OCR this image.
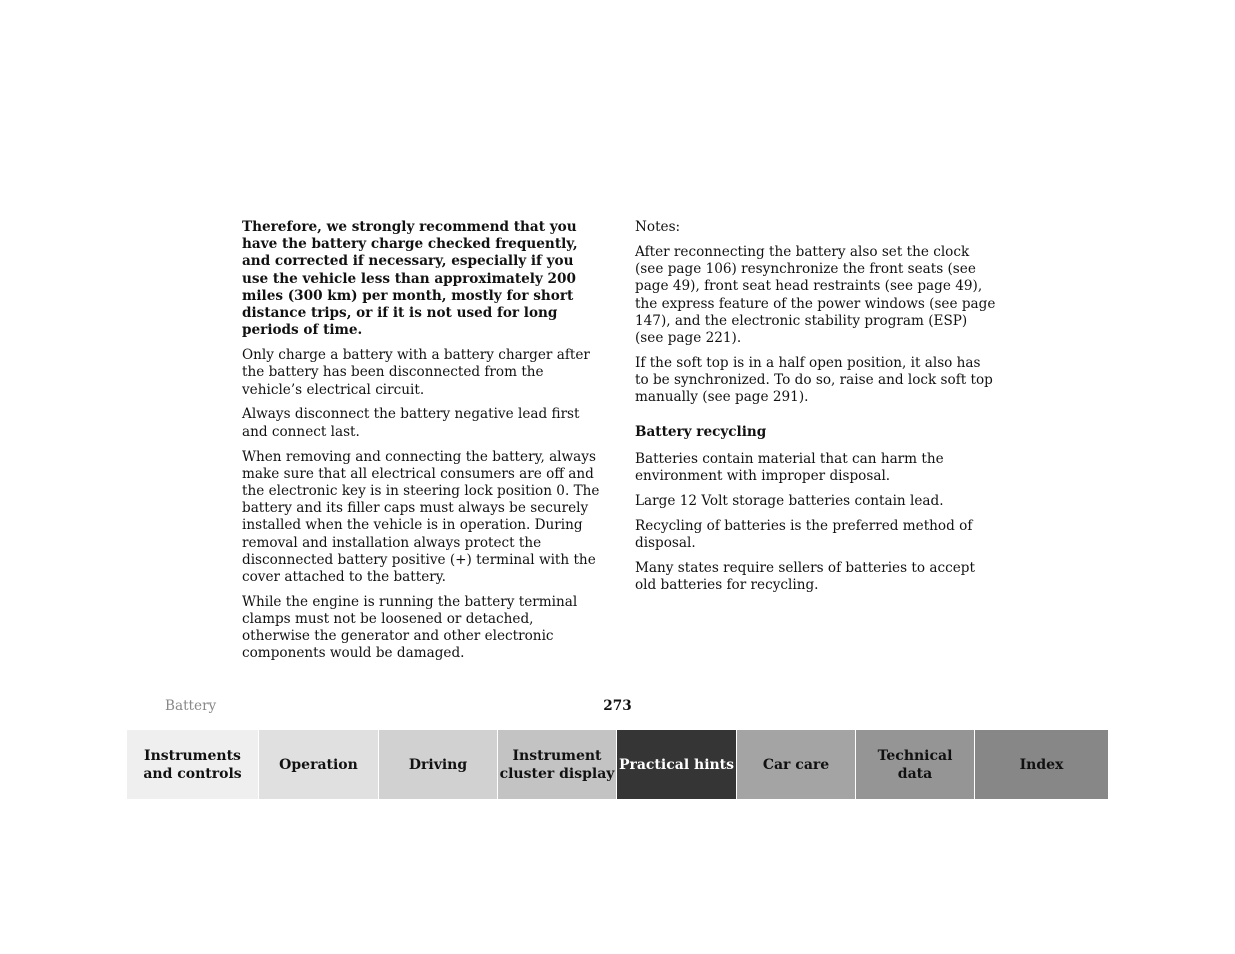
Therefore, we strongly recommend that you have the battery charge checked frequently, and corrected if necessary, especially if you use the vehicle less than approximately 200 miles (300 km) per month, mostly for short distance trips, or if it is not used for long periods of time.

Only charge a battery with a battery charger after the battery has been disconnected from the vehicle’s electrical circuit.

Always disconnect the battery negative lead first and connect last.

When removing and connecting the battery, always make sure that all electrical consumers are off and the electronic key is in steering lock position 0. The battery and its filler caps must always be securely installed when the vehicle is in operation. During removal and installation always protect the disconnected battery positive (+) terminal with the cover attached to the battery.

While the engine is running the battery terminal clamps must not be loosened or detached, otherwise the generator and other electronic components would be damaged.

Notes:

After reconnecting the battery also set the clock (see page 106) resynchronize the front seats (see page 49), front seat head restraints (see page 49), the express feature of the power windows (see page 147), and the electronic stability program (ESP) (see page 221).

If the soft top is in a half open position, it also has to be synchronized. To do so, raise and lock soft top manually (see page 291).

Battery recycling

Batteries contain material that can harm the environment with improper disposal.

Large 12 Volt storage batteries contain lead.

Recycling of batteries is the preferred method of disposal.

Many states require sellers of batteries to accept old batteries for recycling.

Battery	273
Instruments
and controls
Operation	Driving
Instrument
cluster display
Practical hints Car care
Technical
data
Index
